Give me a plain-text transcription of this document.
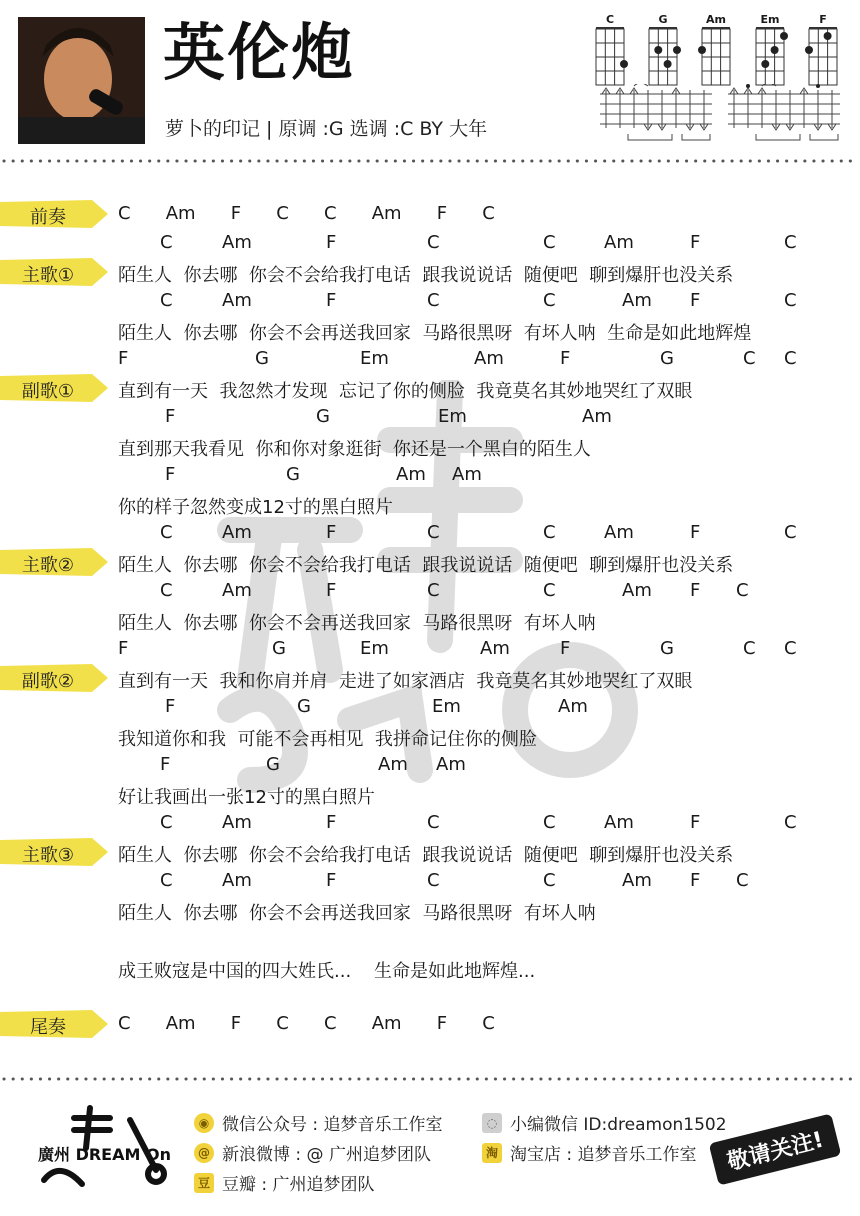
英伦炮
萝卜的印记 | 原调 :G 选调 :C BY 大年
C	G	Am	Em	F
前奏
主歌①
副歌①
主歌②
副歌②
主歌③
尾奏
C   Am   F   C   C   Am   F   C
陌生人  你去哪  你会不会给我打电话  跟我说说话  随便吧  聊到爆肝也没关系
陌生人  你去哪  你会不会再送我回家  马路很黑呀  有坏人呐  生命是如此地辉煌
直到有一天  我忽然才发现  忘记了你的侧脸  我竟莫名其妙地哭红了双眼
直到那天我看见  你和你对象逛街  你还是一个黑白的陌生人
你的样子忽然变成12寸的黑白照片
陌生人  你去哪  你会不会给我打电话  跟我说说话  随便吧  聊到爆肝也没关系
陌生人  你去哪  你会不会再送我回家  马路很黑呀  有坏人呐
直到有一天  我和你肩并肩  走进了如家酒店  我竟莫名其妙地哭红了双眼
我知道你和我  可能不会再相见  我拼命记住你的侧脸
好让我画出一张12寸的黑白照片
陌生人  你去哪  你会不会给我打电话  跟我说说话  随便吧  聊到爆肝也没关系
陌生人  你去哪  你会不会再送我回家  马路很黑呀  有坏人呐
成王败寇是中国的四大姓氏...    生命是如此地辉煌...
C   Am   F   C   C   Am   F   C
廣州 DREAM On
◉ 微信公众号 : 追梦音乐工作室
@ 新浪微博 : @ 广州追梦团队
豆 豆瓣 : 广州追梦团队
◌ 小编微信 ID:dreamon1502
淘 淘宝店 : 追梦音乐工作室	敬请关注!
C	Am	F	C	C	Am	F	C
C	Am	F	C	C	Am F	C
F	G	Em	Am	F	G	C C
F	G	Em	Am
F	G	Am Am
C	Am	F	C	C	Am	F	C
C	Am	F	C	C	Am F C
F	G	Em	Am	F	G	C C
F	G	Em	Am
F	G	Am Am
C	Am	F	C	C	Am	F	C
C	Am	F	C	C	Am F C
